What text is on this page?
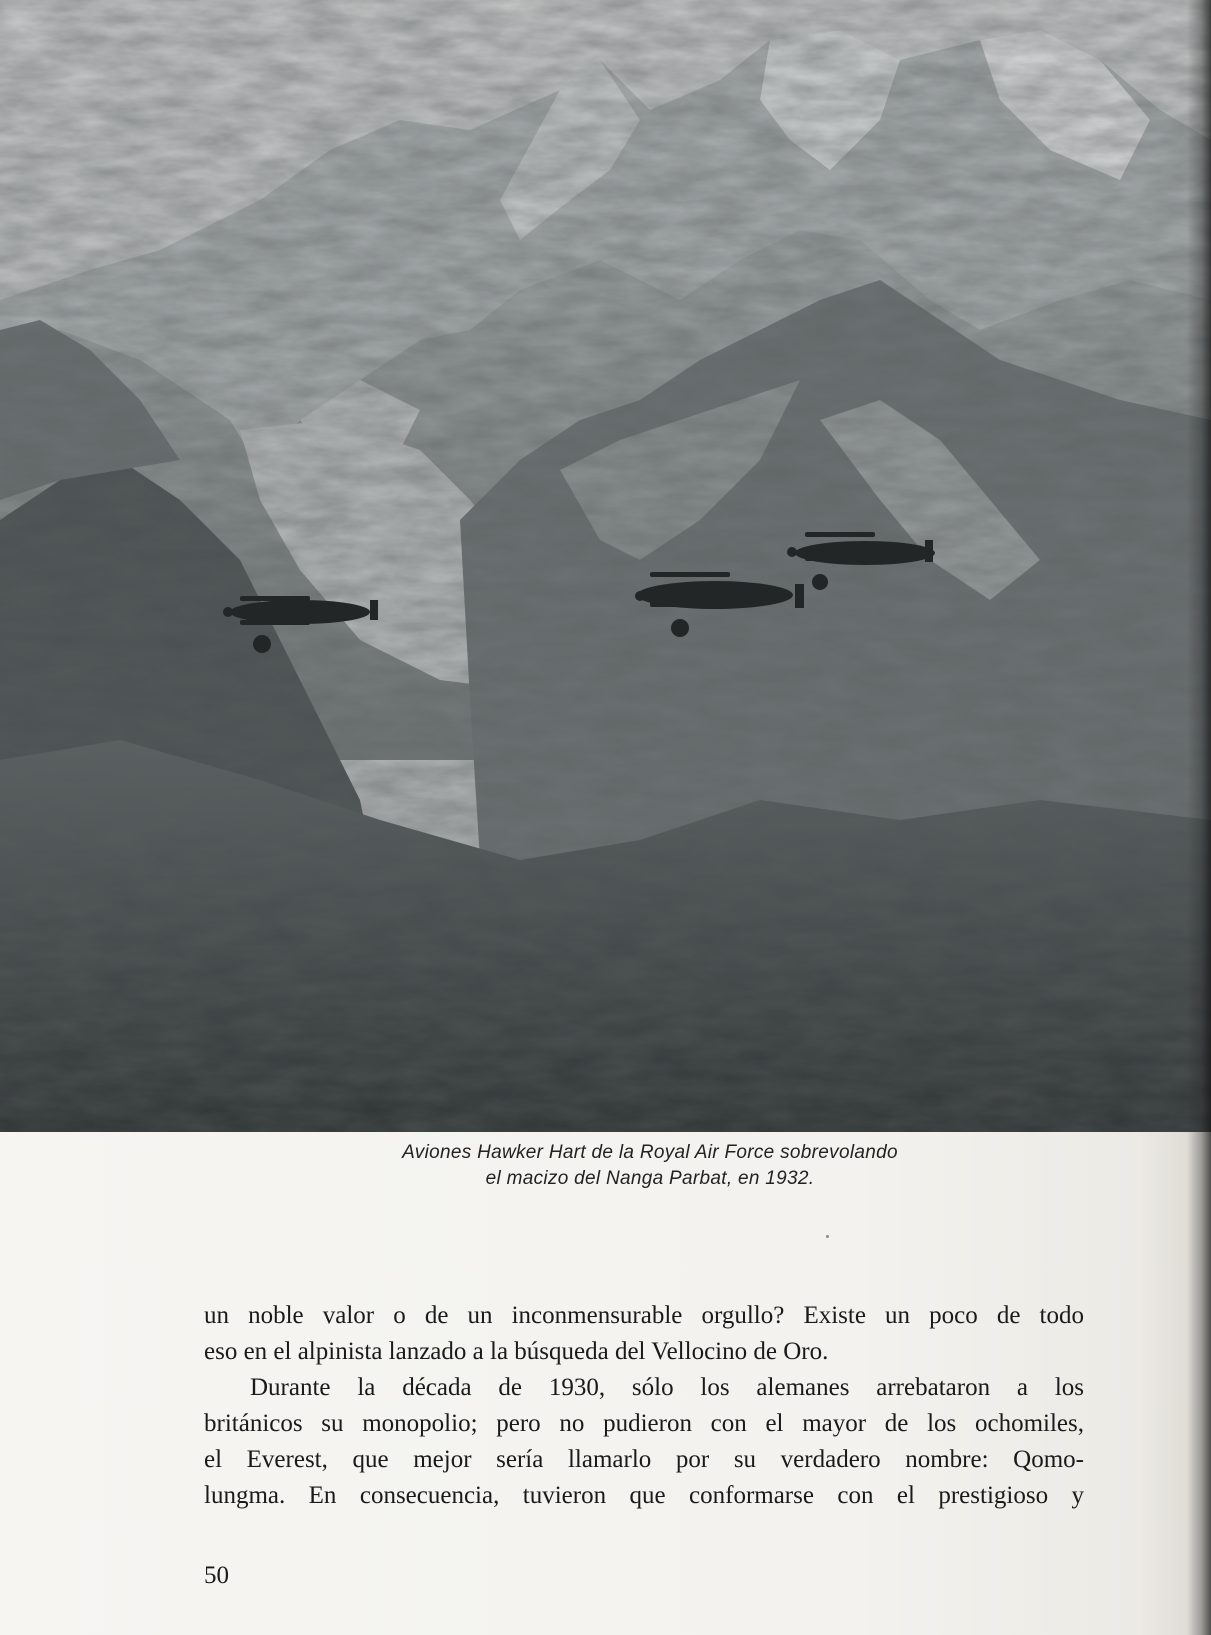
Aviones Hawker Hart de la Royal Air Force sobrevolando
el macizo del Nanga Parbat, en 1932.
un noble valor o de un inconmensurable orgullo? Existe un poco de todo
eso en el alpinista lanzado a la búsqueda del Vellocino de Oro.
Durante la década de 1930, sólo los alemanes arrebataron a los
británicos su monopolio; pero no pudieron con el mayor de los ochomiles,
el Everest, que mejor sería llamarlo por su verdadero nombre: Qomo-
lungma. En consecuencia, tuvieron que conformarse con el prestigioso y
50
